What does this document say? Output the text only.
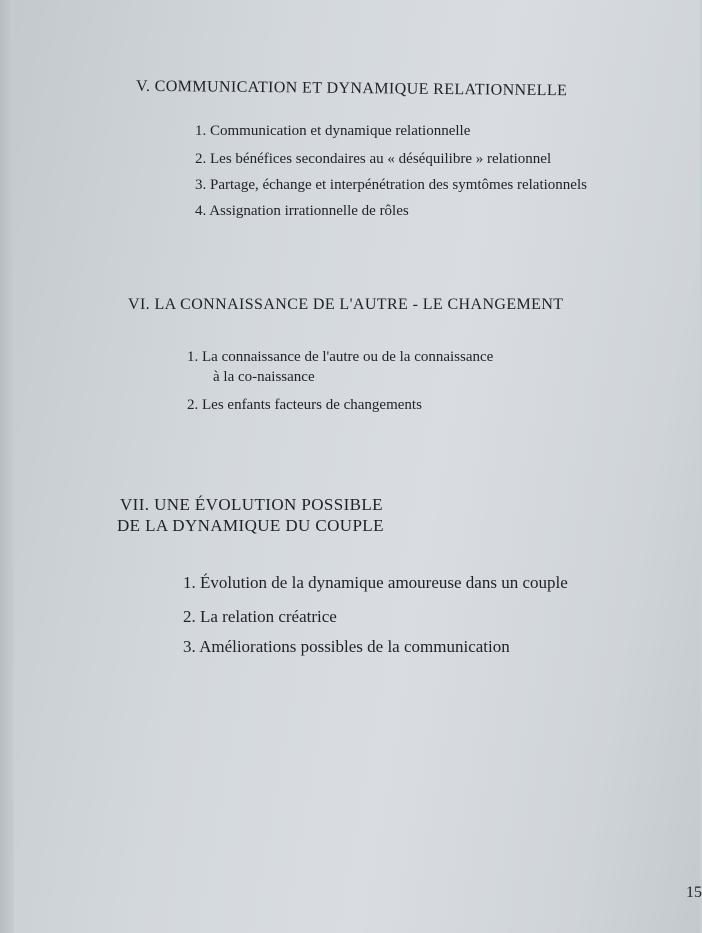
V. COMMUNICATION ET DYNAMIQUE RELATIONNELLE
1. Communication et dynamique relationnelle
2. Les bénéfices secondaires au « déséquilibre » relationnel
3. Partage, échange et interpénétration des symtômes relationnels
4. Assignation irrationnelle de rôles
VI. LA CONNAISSANCE DE L'AUTRE - LE CHANGEMENT
1. La connaissance de l'autre ou de la connaissance
à la co-naissance
2. Les enfants facteurs de changements
VII. UNE ÉVOLUTION POSSIBLE
DE LA DYNAMIQUE DU COUPLE
1. Évolution de la dynamique amoureuse dans un couple
2. La relation créatrice
3. Améliorations possibles de la communication
15
